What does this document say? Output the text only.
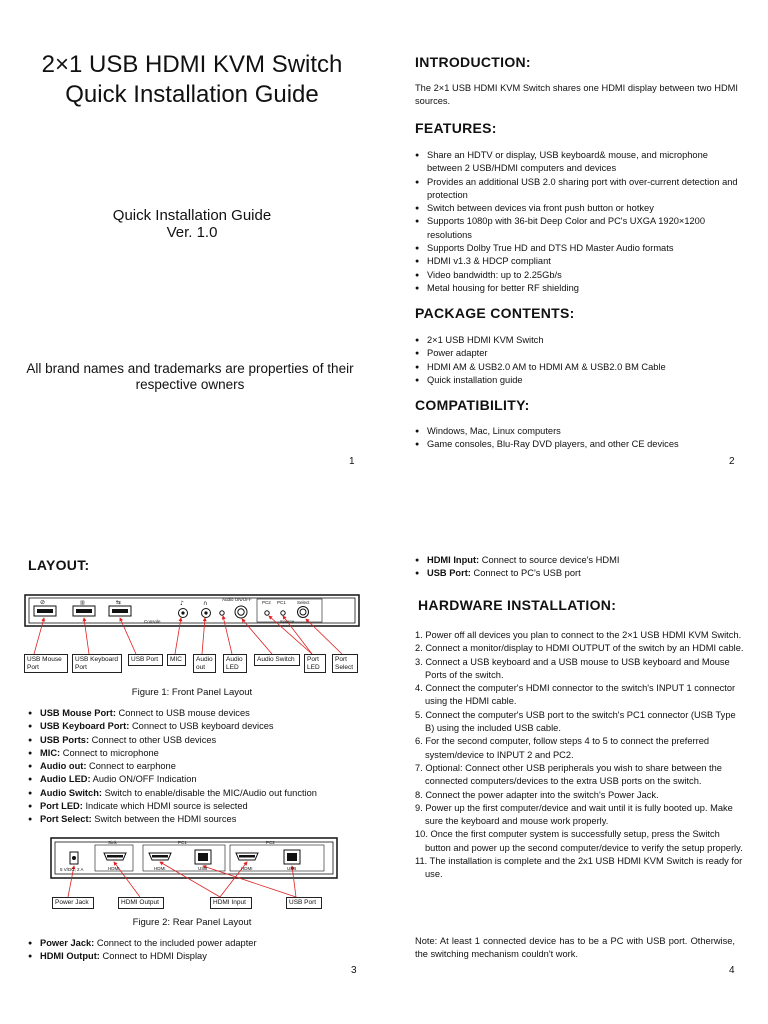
2×1 USB HDMI KVM Switch
Quick Installation Guide
Quick Installation Guide
Ver. 1.0
All brand names and trademarks are properties of their respective owners
1
INTRODUCTION:
The 2×1 USB HDMI KVM Switch shares one HDMI display between two HDMI sources.
FEATURES:
● Share an HDTV or display, USB keyboard& mouse, and microphone between 2 USB/HDMI computers and devices
● Provides an additional USB 2.0 sharing port with over-current detection and protection
● Switch between devices via front push button or hotkey
● Supports 1080p with 36-bit Deep Color and PC's UXGA 1920×1200 resolutions
● Supports Dolby True HD and DTS HD Master Audio formats
● HDMI v1.3 & HDCP compliant
● Video bandwidth: up to 2.25Gb/s
● Metal housing for better RF shielding
PACKAGE CONTENTS:
● 2×1 USB HDMI KVM Switch
● Power adapter
● HDMI AM & USB2.0 AM to HDMI AM & USB2.0 BM Cable
● Quick installation guide
COMPATIBILITY:
● Windows, Mac, Linux computers
● Game consoles, Blu-Ray DVD players, and other CE devices
2
LAYOUT:
⊘	▥	⇆	♪	∩
Audio ON/OFF
PC2 PC1 Select
Source
Console
USB Mouse Port
USB Keyboard Port
USB Port	MIC	Audio out
Audio LED
Audio Switch	Port LED
Port Select
Figure 1: Front Panel Layout
● USB Mouse Port: Connect to USB mouse devices
● USB Keyboard Port: Connect to USB keyboard devices
● USB Ports: Connect to other USB devices
● MIC: Connect to microphone
● Audio out: Connect to earphone
● Audio LED: Audio ON/OFF Indication
● Audio Switch: Switch to enable/disable the MIC/Audio out function
● Port LED: Indicate which HDMI source is selected
● Port Select: Switch between the HDMI sources
5 V/DC, 2 A
Sink	PC1	PC2
HDMI	HDMI	USB	HDMI	USB
Power Jack	HDMI Output	HDMI Input	USB Port
Figure 2: Rear Panel Layout
● Power Jack: Connect to the included power adapter
● HDMI Output: Connect to HDMI Display
3
● HDMI Input: Connect to source device's HDMI
● USB Port: Connect to PC's USB port
HARDWARE INSTALLATION:
1. Power off all devices you plan to connect to the 2×1 USB HDMI KVM Switch.
2. Connect a monitor/display to HDMI OUTPUT of the switch by an HDMI cable.
3. Connect a USB keyboard and a USB mouse to USB keyboard and Mouse Ports of the switch.
4. Connect the computer's HDMI connector to the switch's INPUT 1 connector using the HDMI cable.
5. Connect the computer's USB port to the switch's PC1 connector (USB Type B) using the included USB cable.
6. For the second computer, follow steps 4 to 5 to connect the preferred system/device to INPUT 2 and PC2.
7. Optional: Connect other USB peripherals you wish to share between the connected computers/devices to the extra USB ports on the switch.
8. Connect the power adapter into the switch's Power Jack.
9. Power up the first computer/device and wait until it is fully booted up. Make sure the keyboard and mouse work properly.
10. Once the first computer system is successfully setup, press the Switch button and power up the second computer/device to verify the setup properly.
11. The installation is complete and the 2x1 USB HDMI KVM Switch is ready for use.
Note: At least 1 connected device has to be a PC with USB port. Otherwise, the switching mechanism couldn't work.
4
